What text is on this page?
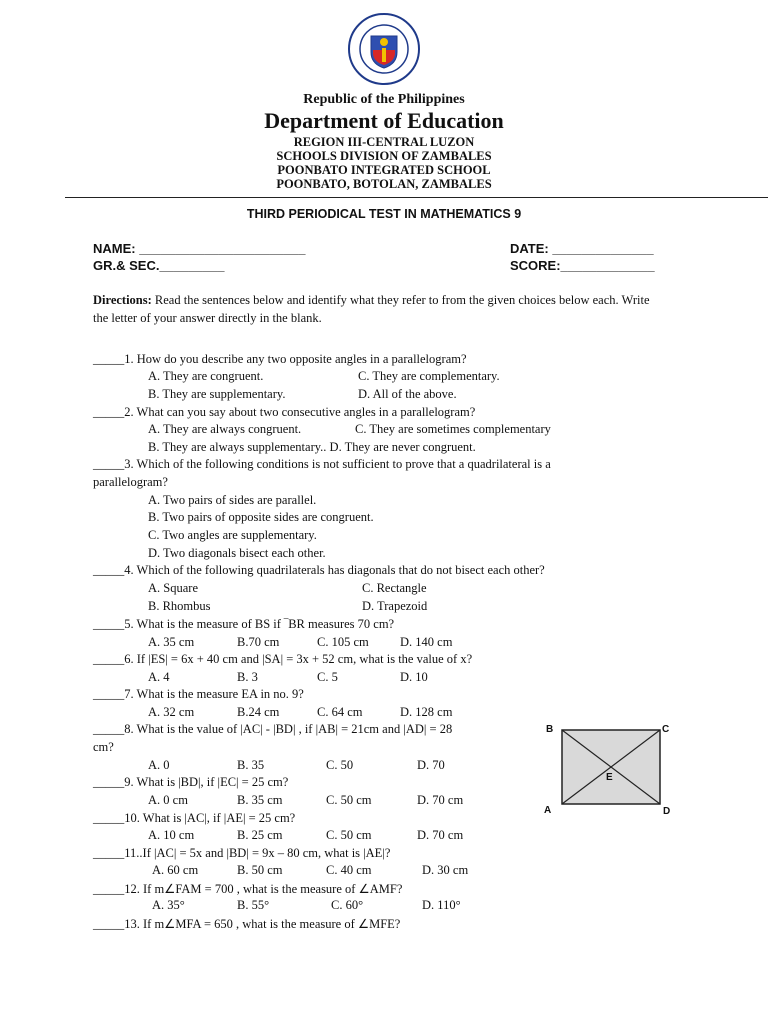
Republic of the Philippines
Department of Education
REGION III-CENTRAL LUZON
SCHOOLS DIVISION OF ZAMBALES
POONBATO INTEGRATED SCHOOL
POONBATO, BOTOLAN, ZAMBALES
THIRD PERIODICAL TEST IN MATHEMATICS 9
NAME: _______________________	DATE: ______________
GR.& SEC._________	SCORE:_____________
Directions: Read the sentences below and identify what they refer to from the given choices below each. Write the letter of your answer directly in the blank.
_____1. How do you describe any two opposite angles in a parallelogram?
A. They are congruent.	C. They are complementary.
B. They are supplementary.	D. All of the above.
_____2. What can you say about two consecutive angles in a parallelogram?
A. They are always congruent.	C. They are sometimes complementary
B. They are always supplementary.. D. They are never congruent.
_____3. Which of the following conditions is not sufficient to prove that a quadrilateral is a
parallelogram?
A. Two pairs of sides are parallel.
B. Two pairs of opposite sides are congruent.
C. Two angles are supplementary.
D. Two diagonals bisect each other.
_____4. Which of the following quadrilaterals has diagonals that do not bisect each other?
A. Square	C. Rectangle
B. Rhombus	D. Trapezoid
_____5. What is the measure of BS if ‾BR measures 70 cm?
A. 35 cm	B.70 cm	C. 105 cm	D. 140 cm
_____6. If |ES| = 6x + 40 cm and |SA| = 3x + 52 cm, what is the value of x?
A. 4	B. 3	C. 5	D. 10
_____7. What is the measure EA in no. 9?
A. 32 cm	B.24 cm	C. 64 cm	D. 128 cm
_____8. What is the value of |AC| - |BD| , if |AB| = 21cm and |AD| = 28
cm?
A. 0	B. 35	C. 50	D. 70
_____9. What is |BD|, if |EC| = 25 cm?
A. 0 cm	B. 35 cm	C. 50 cm	D. 70 cm
_____10. What is |AC|, if |AE| = 25 cm?
A. 10 cm	B. 25 cm	C. 50 cm	D. 70 cm
_____11..If |AC| = 5x and |BD| = 9x – 80 cm, what is |AE|?
A. 60 cm	B. 50 cm	C. 40 cm	D. 30 cm
_____12. If m∠FAM = 700 , what is the measure of ∠AMF?
A. 35°	B. 55°	C. 60°	D. 110°
_____13. If m∠MFA = 650 , what is the measure of ∠MFE?
B	C
E
A	D
